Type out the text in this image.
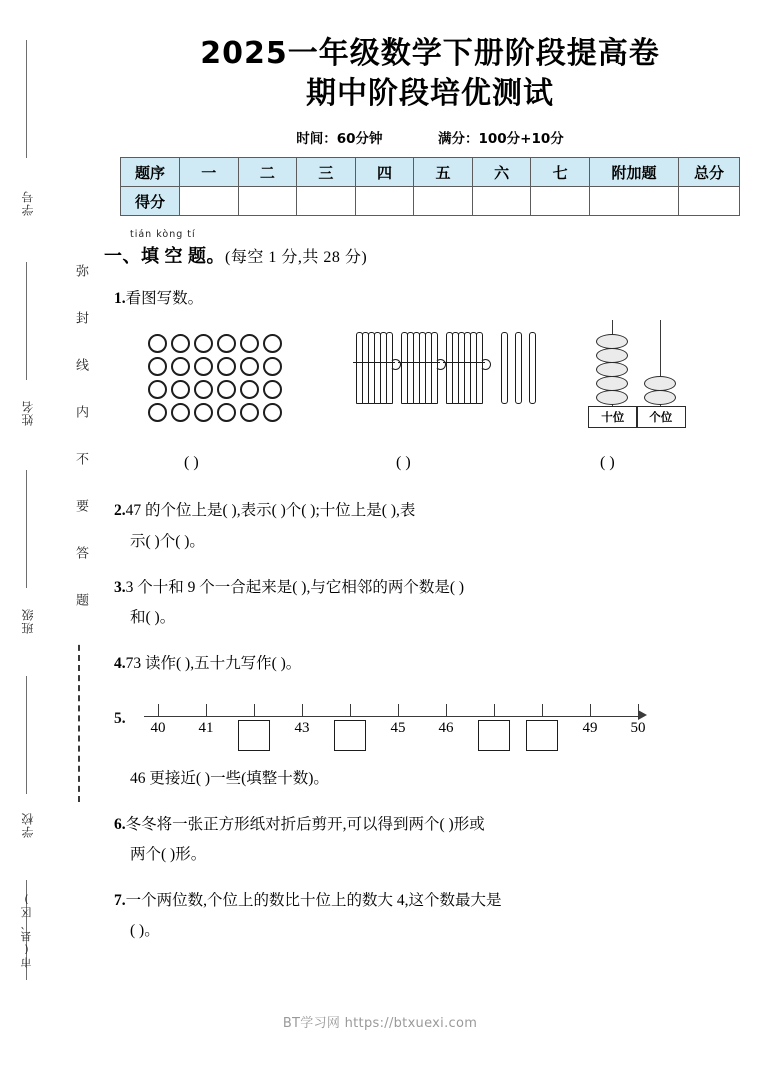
学号
姓名
班级
学校
市(县、区)
弥封线内不要答题
2025一年级数学下册阶段提高卷
期中阶段培优测试
时间：60分钟	满分：100分+10分
题序	一	二	三	四	五	六	七	附加题	总分
得分									
tián kòng tí
一、填 空 题。(每空 1 分,共 28 分)
1.看图写数。
十位	个位
( )	( )	( )
2.47 的个位上是( ),表示( )个( );十位上是( ),表
示( )个( )。
3.3 个十和 9 个一合起来是( ),与它相邻的两个数是( )
和( )。
4.73 读作( ),五十九写作( )。
5.
40 41	43	45 46	49 50
46 更接近( )一些(填整十数)。
6.冬冬将一张正方形纸对折后剪开,可以得到两个( )形或
两个( )形。
7.一个两位数,个位上的数比十位上的数大 4,这个数最大是
( )。
BT学习网 https://btxuexi.com
